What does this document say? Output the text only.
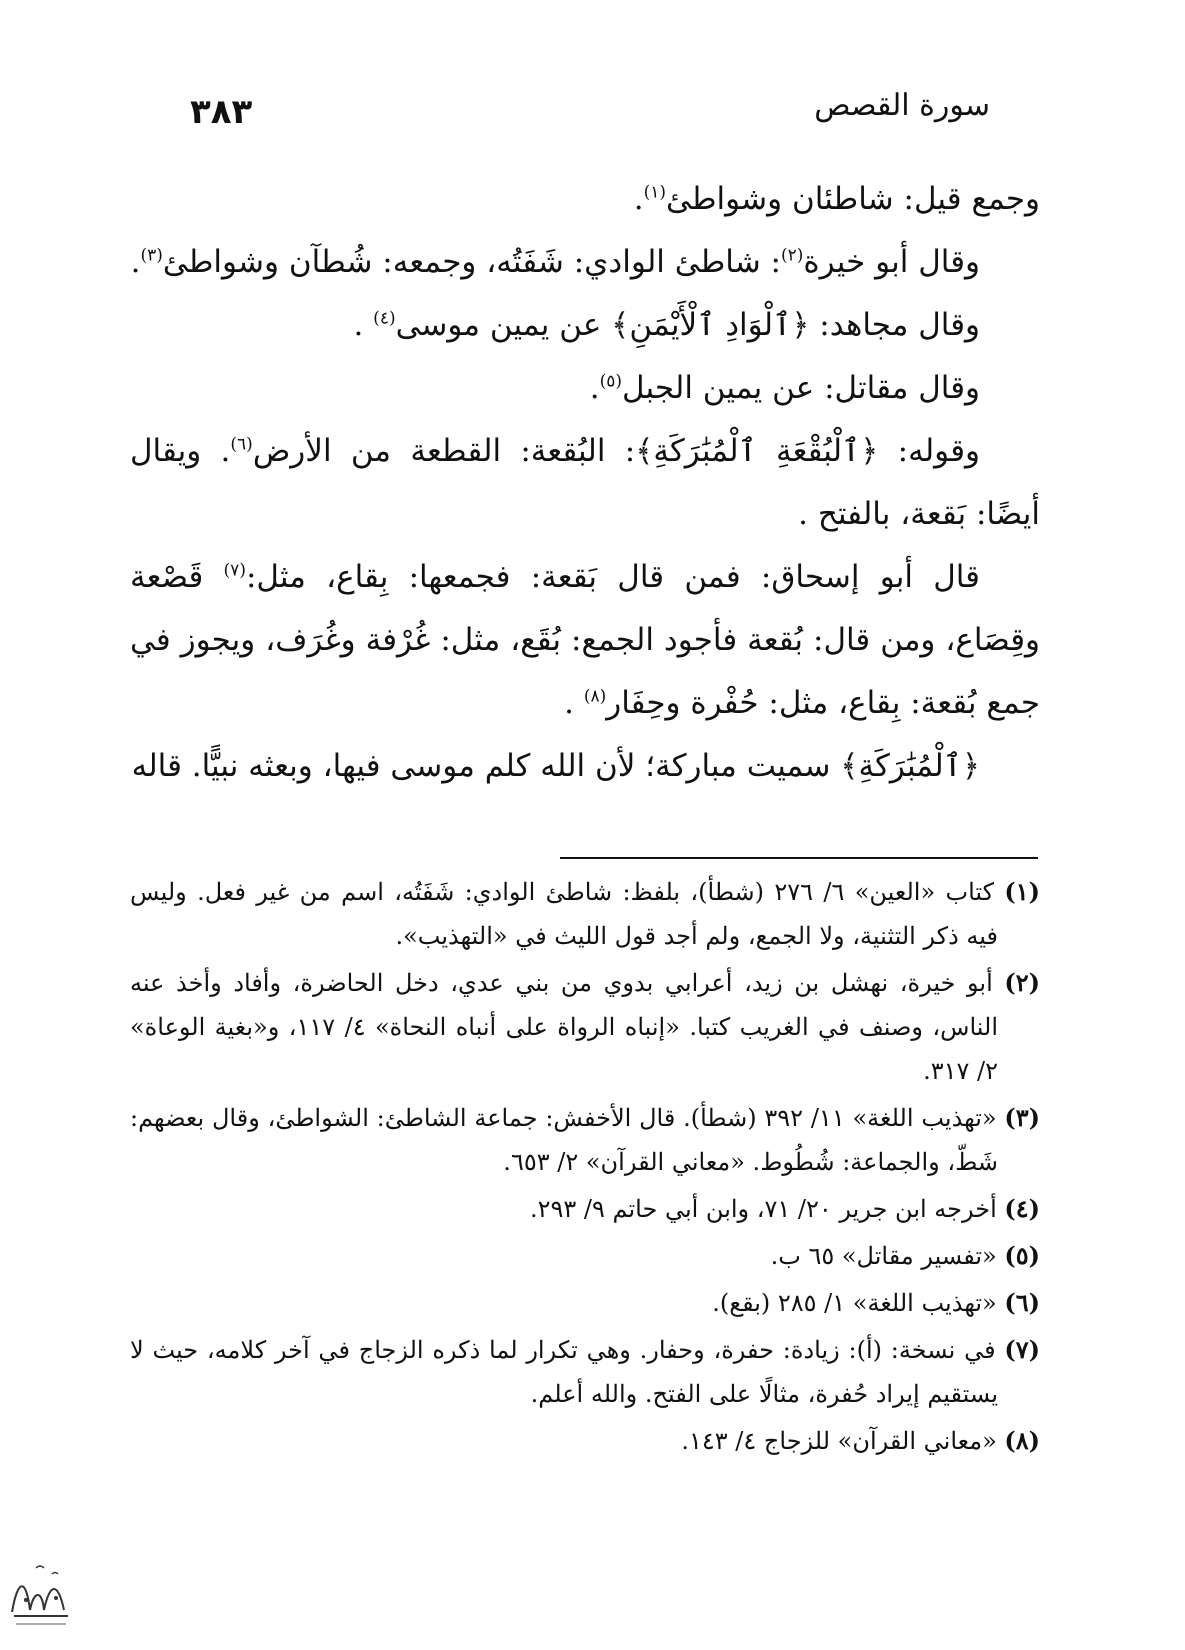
سورة القصص
٣٨٣

وجمع قيل: شاطئان وشواطئ$^{(١)}$.

وقال أبو خيرة$^{(٢)}$: شاطئ الوادي: شَفَتُه، وجمعه: شُطآن وشواطئ$^{(٣)}$.

وقال مجاهد: ﴿ٱلْوَادِ ٱلْأَيْمَنِ﴾ عن يمين موسى$^{(٤)}$ .

وقال مقاتل: عن يمين الجبل$^{(٥)}$.

وقوله: ﴿ٱلْبُقْعَةِ ٱلْمُبَٰرَكَةِ﴾: البُقعة: القطعة من الأرض$^{(٦)}$. ويقال أيضًا: بَقعة، بالفتح .

قال أبو إسحاق: فمن قال بَقعة: فجمعها: بِقاع، مثل:$^{(٧)}$ قَصْعة وقِصَاع، ومن قال: بُقعة فأجود الجمع: بُقَع، مثل: غُرْفة وغُرَف، ويجوز في جمع بُقعة: بِقاع، مثل: حُفْرة وحِفَار$^{(٨)}$ .

﴿ٱلْمُبَٰرَكَةِ﴾ سميت مباركة؛ لأن الله كلم موسى فيها، وبعثه نبيًّا. قاله

(١) كتاب «العين» ٦/ ٢٧٦ (شطأ)، بلفظ: شاطئ الوادي: شَفَتُه، اسم من غير فعل. وليس فيه ذكر التثنية، ولا الجمع، ولم أجد قول الليث في «التهذيب».
(٢) أبو خيرة، نهشل بن زيد، أعرابي بدوي من بني عدي، دخل الحاضرة، وأفاد وأخذ عنه الناس، وصنف في الغريب كتبا. «إنباه الرواة على أنباه النحاة» ٤/ ١١٧، و«بغية الوعاة» ٢/ ٣١٧.
(٣) «تهذيب اللغة» ١١/ ٣٩٢ (شطأ). قال الأخفش: جماعة الشاطئ: الشواطئ، وقال بعضهم: شَطّ، والجماعة: شُطُوط. «معاني القرآن» ٢/ ٦٥٣.
(٤) أخرجه ابن جرير ٢٠/ ٧١، وابن أبي حاتم ٩/ ٢٩٣.
(٥) «تفسير مقاتل» ٦٥ ب.
(٦) «تهذيب اللغة» ١/ ٢٨٥ (بقع).
(٧) في نسخة: (أ): زيادة: حفرة، وحفار. وهي تكرار لما ذكره الزجاج في آخر كلامه، حيث لا يستقيم إيراد حُفرة، مثالًا على الفتح. والله أعلم.
(٨) «معاني القرآن» للزجاج ٤/ ١٤٣.
